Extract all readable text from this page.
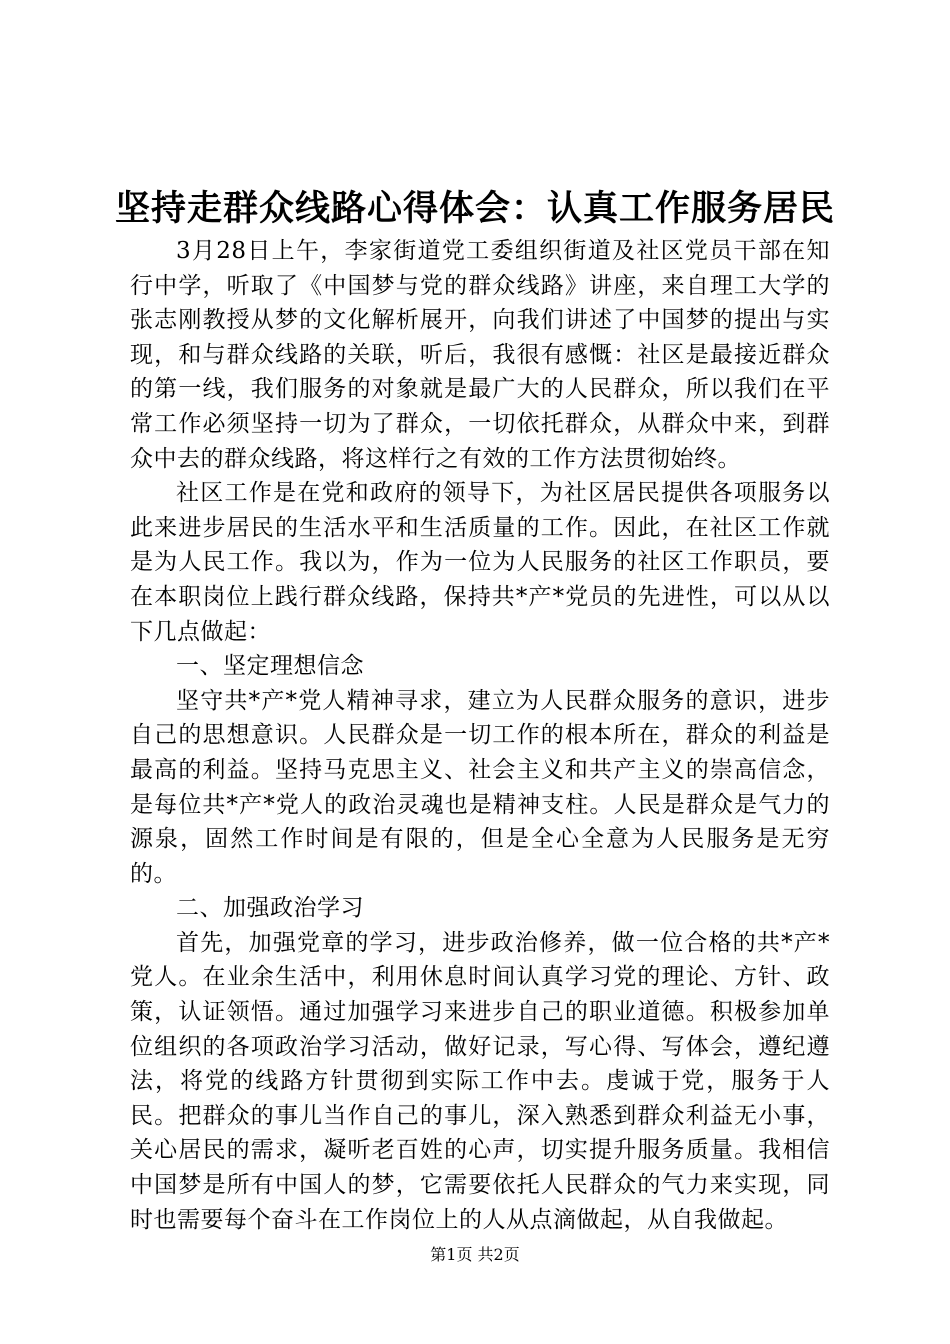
坚持走群众线路心得体会：认真工作服务居民

3月28日上午，李家街道党工委组织街道及社区党员干部在知行中学，听取了《中国梦与党的群众线路》讲座，来自理工大学的张志刚教授从梦的文化解析展开，向我们讲述了中国梦的提出与实现，和与群众线路的关联，听后，我很有感慨：社区是最接近群众的第一线，我们服务的对象就是最广大的人民群众，所以我们在平常工作必须坚持一切为了群众，一切依托群众，从群众中来，到群众中去的群众线路，将这样行之有效的工作方法贯彻始终。

社区工作是在党和政府的领导下，为社区居民提供各项服务以此来进步居民的生活水平和生活质量的工作。因此，在社区工作就是为人民工作。我以为，作为一位为人民服务的社区工作职员，要在本职岗位上践行群众线路，保持共*产*党员的先进性，可以从以下几点做起：

一、坚定理想信念

坚守共*产*党人精神寻求，建立为人民群众服务的意识，进步自己的思想意识。人民群众是一切工作的根本所在，群众的利益是最高的利益。坚持马克思主义、社会主义和共产主义的崇高信念，是每位共*产*党人的政治灵魂也是精神支柱。人民是群众是气力的源泉，固然工作时间是有限的，但是全心全意为人民服务是无穷的。

二、加强政治学习

首先，加强党章的学习，进步政治修养，做一位合格的共*产*党人。在业余生活中，利用休息时间认真学习党的理论、方针、政策，认证领悟。通过加强学习来进步自己的职业道德。积极参加单位组织的各项政治学习活动，做好记录，写心得、写体会，遵纪遵法，将党的线路方针贯彻到实际工作中去。虔诚于党，服务于人民。把群众的事儿当作自己的事儿，深入熟悉到群众利益无小事，关心居民的需求，凝听老百姓的心声，切实提升服务质量。我相信中国梦是所有中国人的梦，它需要依托人民群众的气力来实现，同时也需要每个奋斗在工作岗位上的人从点滴做起，从自我做起。

第1页 共2页
